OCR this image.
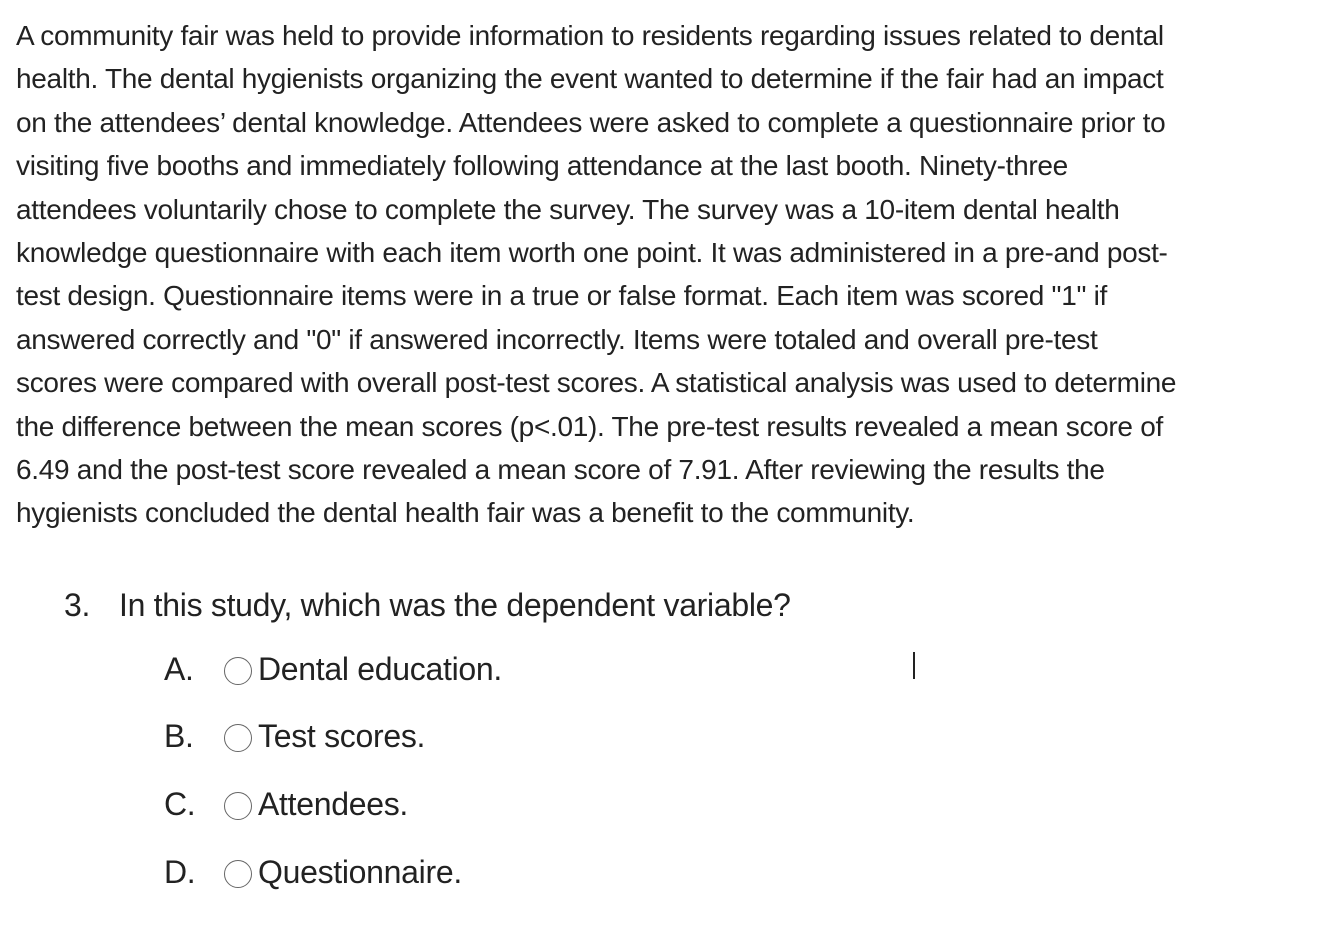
A community fair was held to provide information to residents regarding issues related to dental
health. The dental hygienists organizing the event wanted to determine if the fair had an impact
on the attendees’ dental knowledge. Attendees were asked to complete a questionnaire prior to
visiting five booths and immediately following attendance at the last booth. Ninety-three
attendees voluntarily chose to complete the survey. The survey was a 10-item dental health
knowledge questionnaire with each item worth one point. It was administered in a pre-and post-
test design. Questionnaire items were in a true or false format. Each item was scored "1" if
answered correctly and "0" if answered incorrectly. Items were totaled and overall pre-test
scores were compared with overall post-test scores. A statistical analysis was used to determine
the difference between the mean scores (p<.01). The pre-test results revealed a mean score of
6.49 and the post-test score revealed a mean score of 7.91. After reviewing the results the
hygienists concluded the dental health fair was a benefit to the community.
3. In this study, which was the dependent variable?
A.	Dental education.
B.	Test scores.
C.	Attendees.
D.	Questionnaire.
